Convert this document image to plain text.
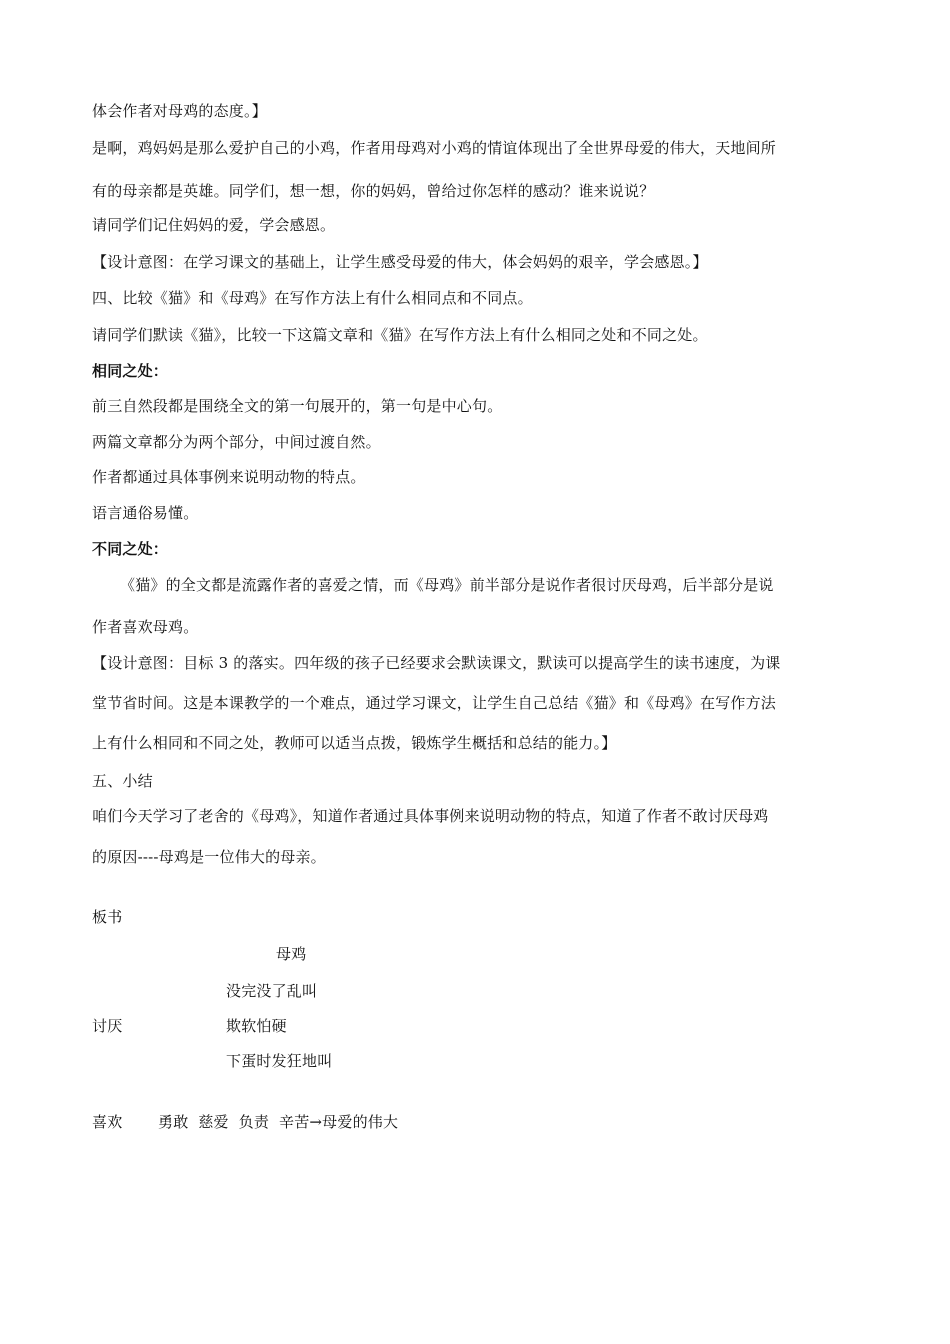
体会作者对母鸡的态度。】
是啊，鸡妈妈是那么爱护自己的小鸡，作者用母鸡对小鸡的情谊体现出了全世界母爱的伟大，天地间所
有的母亲都是英雄。同学们，想一想，你的妈妈，曾给过你怎样的感动？谁来说说？
请同学们记住妈妈的爱，学会感恩。
【设计意图：在学习课文的基础上，让学生感受母爱的伟大，体会妈妈的艰辛，学会感恩。】
四、比较《猫》和《母鸡》在写作方法上有什么相同点和不同点。
请同学们默读《猫》，比较一下这篇文章和《猫》在写作方法上有什么相同之处和不同之处。
相同之处：
前三自然段都是围绕全文的第一句展开的，第一句是中心句。
两篇文章都分为两个部分，中间过渡自然。
作者都通过具体事例来说明动物的特点。
语言通俗易懂。
不同之处：
《猫》的全文都是流露作者的喜爱之情，而《母鸡》前半部分是说作者很讨厌母鸡，后半部分是说
作者喜欢母鸡。
【设计意图：目标 3 的落实。四年级的孩子已经要求会默读课文，默读可以提高学生的读书速度，为课
堂节省时间。这是本课教学的一个难点，通过学习课文，让学生自己总结《猫》和《母鸡》在写作方法
上有什么相同和不同之处，教师可以适当点拨，锻炼学生概括和总结的能力。】
五、小结
咱们今天学习了老舍的《母鸡》，知道作者通过具体事例来说明动物的特点，知道了作者不敢讨厌母鸡
的原因----母鸡是一位伟大的母亲。
板书
母鸡
没完没了乱叫
讨厌	欺软怕硬
下蛋时发狂地叫
喜欢 勇敢  慈爱  负责  辛苦→母爱的伟大
